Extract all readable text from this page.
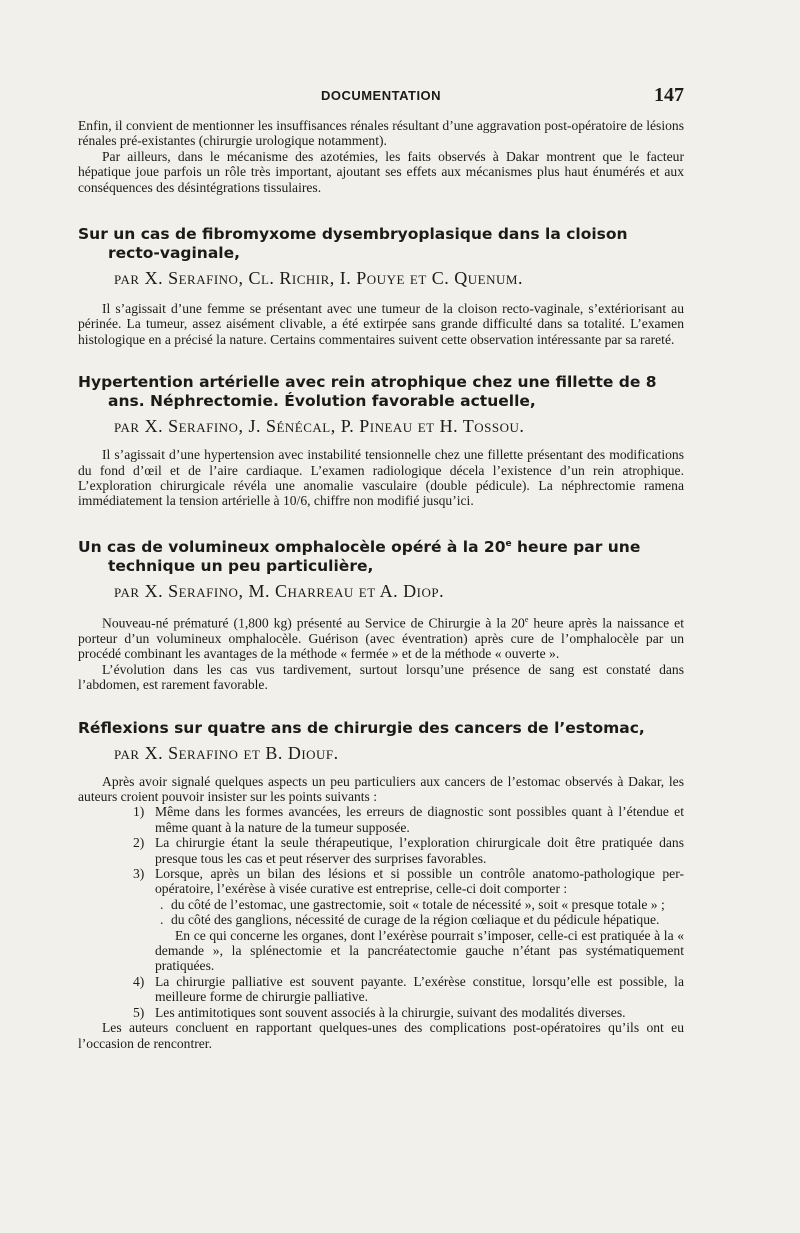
DOCUMENTATION	147

Enfin, il convient de mentionner les insuffisances rénales résultant d’une aggravation post-opératoire de lésions rénales pré-existantes (chirurgie urologique notamment).

Par ailleurs, dans le mécanisme des azotémies, les faits observés à Dakar montrent que le facteur hépatique joue parfois un rôle très important, ajoutant ses effets aux mécanismes plus haut énumérés et aux conséquences des désintégrations tissulaires.

Sur un cas de fibromyxome dysembryoplasique dans la cloison recto-vaginale,
par X. Serafino, Cl. Richir, I. Pouye et C. Quenum.

Il s’agissait d’une femme se présentant avec une tumeur de la cloison recto-vaginale, s’extériorisant au périnée. La tumeur, assez aisément clivable, a été extirpée sans grande difficulté dans sa totalité. L’examen histologique en a précisé la nature. Certains commentaires suivent cette observation intéressante par sa rareté.

Hypertention artérielle avec rein atrophique chez une fillette de 8 ans. Néphrectomie. Évolution favorable actuelle,
par X. Serafino, J. Sénécal, P. Pineau et H. Tossou.

Il s’agissait d’une hypertension avec instabilité tensionnelle chez une fillette présentant des modifications du fond d’œil et de l’aire cardiaque. L’examen radiologique décela l’existence d’un rein atrophique. L’exploration chirurgicale révéla une anomalie vasculaire (double pédicule). La néphrectomie ramena immédiatement la tension artérielle à 10/6, chiffre non modifié jusqu’ici.

Un cas de volumineux omphalocèle opéré à la 20e heure par une technique un peu particulière,
par X. Serafino, M. Charreau et A. Diop.

Nouveau-né prématuré (1,800 kg) présenté au Service de Chirurgie à la 20e heure après la naissance et porteur d’un volumineux omphalocèle. Guérison (avec éventration) après cure de l’omphalocèle par un procédé combinant les avantages de la méthode « fermée » et de la méthode « ouverte ».

L’évolution dans les cas vus tardivement, surtout lorsqu’une présence de sang est constaté dans l’abdomen, est rarement favorable.

Réflexions sur quatre ans de chirurgie des cancers de l’estomac,
par X. Serafino et B. Diouf.

Après avoir signalé quelques aspects un peu particuliers aux cancers de l’estomac observés à Dakar, les auteurs croient pouvoir insister sur les points suivants :

1) Même dans les formes avancées, les erreurs de diagnostic sont possibles quant à l’étendue et même quant à la nature de la tumeur supposée.
2) La chirurgie étant la seule thérapeutique, l’exploration chirurgicale doit être pratiquée dans presque tous les cas et peut réserver des surprises favorables.
3) Lorsque, après un bilan des lésions et si possible un contrôle anatomo-pathologique per-opératoire, l’exérèse à visée curative est entreprise, celle-ci doit comporter :
. du côté de l’estomac, une gastrectomie, soit « totale de nécessité », soit « presque totale » ;
. du côté des ganglions, nécessité de curage de la région cœliaque et du pédicule hépatique.

En ce qui concerne les organes, dont l’exérèse pourrait s’imposer, celle-ci est pratiquée à la « demande », la splénectomie et la pancréatectomie gauche n’étant pas systématiquement pratiquées.

4) La chirurgie palliative est souvent payante. L’exérèse constitue, lorsqu’elle est possible, la meilleure forme de chirurgie palliative.
5) Les antimitotiques sont souvent associés à la chirurgie, suivant des modalités diverses.

Les auteurs concluent en rapportant quelques-unes des complications post-opératoires qu’ils ont eu l’occasion de rencontrer.
